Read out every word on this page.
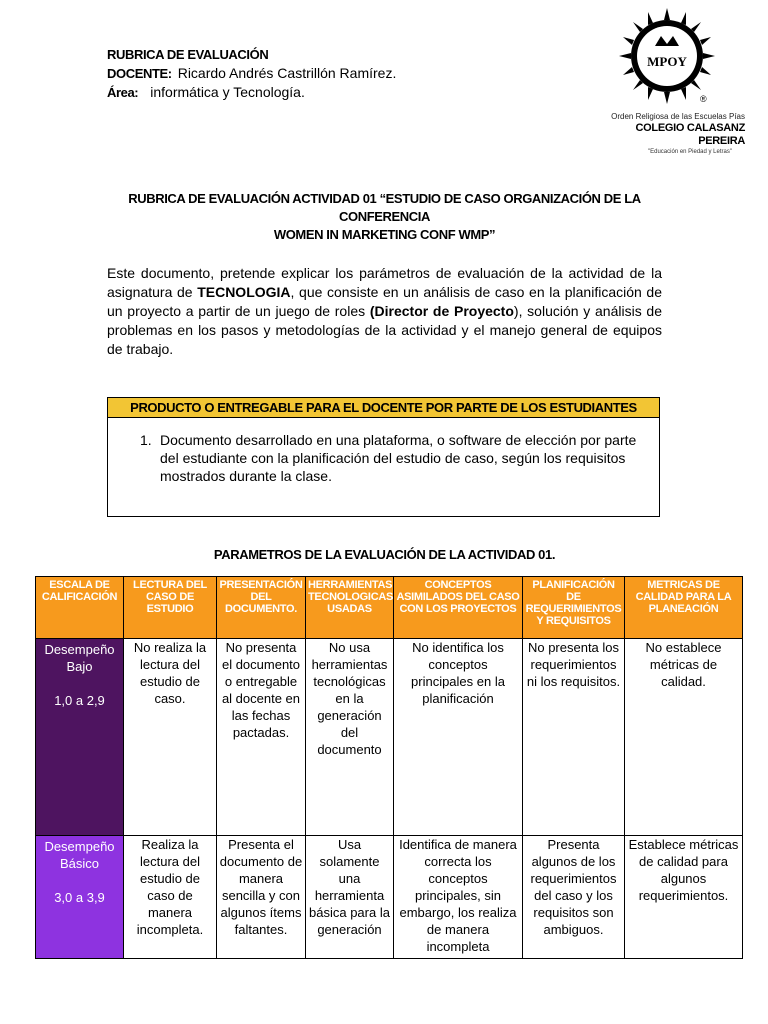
RUBRICA DE EVALUACIÓN
DOCENTE: Ricardo Andrés Castrillón Ramírez.
Área: informática y Tecnología.
MPOY
®
Orden Religiosa de las Escuelas Pías
COLEGIO CALASANZ PEREIRA
"Educación en Piedad y Letras"
RUBRICA DE EVALUACIÓN ACTIVIDAD 01 “ESTUDIO DE CASO ORGANIZACIÓN DE LA CONFERENCIA
WOMEN IN MARKETING CONF WMP”
Este documento, pretende explicar los parámetros de evaluación de la actividad de la asignatura de TECNOLOGIA, que consiste en un análisis de caso en la planificación de un proyecto a partir de un juego de roles (Director de Proyecto), solución y análisis de problemas en los pasos y metodologías de la actividad y el manejo general de equipos de trabajo.
PRODUCTO O ENTREGABLE PARA EL DOCENTE POR PARTE DE LOS ESTUDIANTES
1. Documento desarrollado en una plataforma, o software de elección por parte del estudiante con la planificación del estudio de caso, según los requisitos mostrados durante la clase.
PARAMETROS DE LA EVALUACIÓN DE LA ACTIVIDAD 01.
ESCALA DE CALIFICACIÓN	LECTURA DEL CASO DE ESTUDIO	PRESENTACIÓN DEL DOCUMENTO.	HERRAMIENTAS TECNOLOGICAS USADAS	CONCEPTOS ASIMILADOS DEL CASO CON LOS PROYECTOS	PLANIFICACIÓN DE REQUERIMIENTOS Y REQUISITOS	METRICAS DE CALIDAD PARA LA PLANEACIÓN
Desempeño Bajo
1,0 a 2,9	No realiza la lectura del estudio de caso.	No presenta el documento o entregable al docente en las fechas pactadas.	No usa herramientas tecnológicas en la generación del documento	No identifica los conceptos principales en la planificación	No presenta los requerimientos ni los requisitos.	No establece métricas de calidad.
Desempeño Básico
3,0 a 3,9	Realiza la lectura del estudio de caso de manera incompleta.	Presenta el documento de manera sencilla y con algunos ítems faltantes.	Usa solamente una herramienta básica para la generación	Identifica de manera correcta los conceptos principales, sin embargo, los realiza de manera incompleta	Presenta algunos de los requerimientos del caso y los requisitos son ambiguos.	Establece métricas de calidad para algunos requerimientos.
